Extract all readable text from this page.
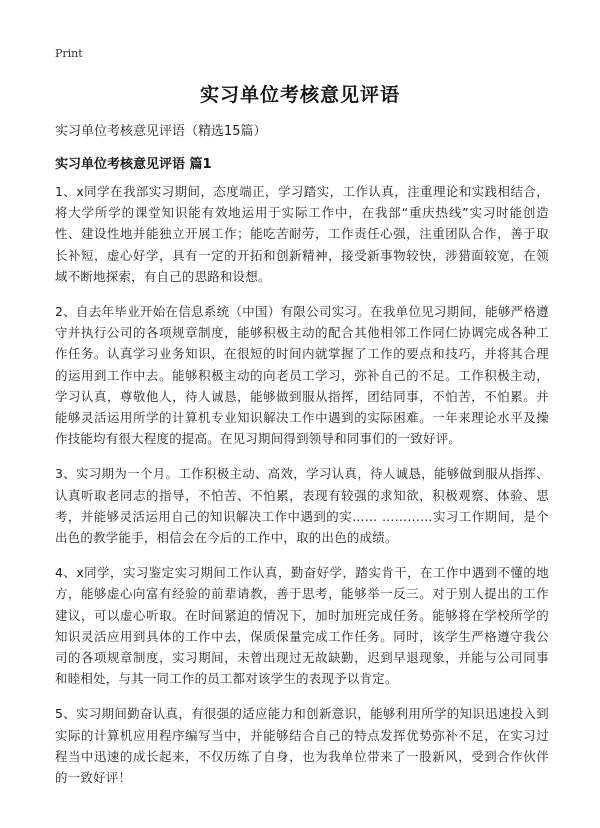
Print
实习单位考核意见评语
实习单位考核意见评语（精选15篇）
实习单位考核意见评语 篇1

1、x同学在我部实习期间，态度端正，学习踏实，工作认真，注重理论和实践相结合，将大学所学的课堂知识能有效地运用于实际工作中，在我部“重庆热线”实习时能创造性、建设性地并能独立开展工作；能吃苦耐劳，工作责任心强，注重团队合作，善于取长补短，虚心好学，具有一定的开拓和创新精神，接受新事物较快，涉猎面较宽，在领域不断地探索，有自己的思路和设想。

2、自去年毕业开始在信息系统（中国）有限公司实习。在我单位见习期间，能够严格遵守并执行公司的各项规章制度，能够积极主动的配合其他相邻工作同仁协调完成各种工作任务。认真学习业务知识，在很短的时间内就掌握了工作的要点和技巧，并将其合理的运用到工作中去。能够积极主动的向老员工学习，弥补自己的不足。工作积极主动，学习认真，尊敬他人，待人诚恳，能够做到服从指挥，团结同事，不怕苦，不怕累。并能够灵活运用所学的计算机专业知识解决工作中遇到的实际困难。一年来理论水平及操作技能均有很大程度的提高。在见习期间得到领导和同事们的一致好评。

3、实习期为一个月。工作积极主动、高效，学习认真，待人诚恳，能够做到服从指挥、认真听取老同志的指导，不怕苦、不怕累，表现有较强的求知欲，积极观察、体验、思考，并能够灵活运用自己的知识解决工作中遇到的实…… …………实习工作期间，是个出色的教学能手，相信会在今后的工作中，取的出色的成绩。

4、x同学，实习鉴定实习期间工作认真，勤奋好学，踏实肯干，在工作中遇到不懂的地方，能够虚心向富有经验的前辈请教，善于思考，能够举一反三。对于别人提出的工作建议，可以虚心听取。在时间紧迫的情况下，加时加班完成任务。能够将在学校所学的知识灵活应用到具体的工作中去，保质保量完成工作任务。同时，该学生严格遵守我公司的各项规章制度，实习期间，未曾出现过无故缺勤，迟到早退现象，并能与公司同事和睦相处，与其一同工作的员工都对该学生的表现予以肯定。

5、实习期间勤奋认真，有很强的适应能力和创新意识，能够利用所学的知识迅速投入到实际的计算机应用程序编写当中，并能够结合自己的特点发挥优势弥补不足，在实习过程当中迅速的成长起来，不仅历练了自身，也为我单位带来了一股新风，受到合作伙伴的一致好评！
